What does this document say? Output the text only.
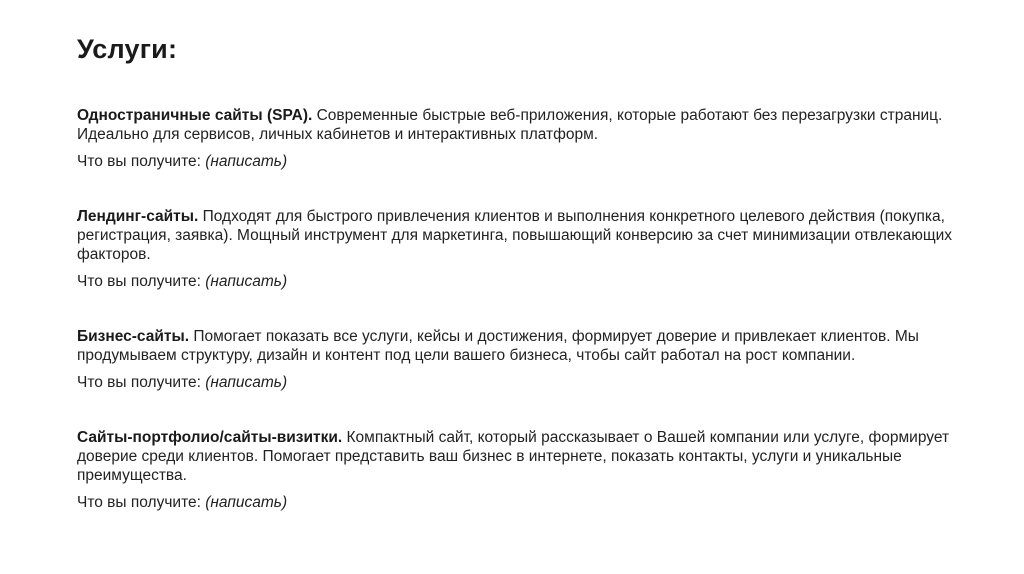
Услуги:

Одностраничные сайты (SPA). Современные быстрые веб-приложения, которые работают без перезагрузки страниц. Идеально для сервисов, личных кабинетов и интерактивных платформ.

Что вы получите: (написать)

Лендинг-сайты. Подходят для быстрого привлечения клиентов и выполнения конкретного целевого действия (покупка, регистрация, заявка). Мощный инструмент для маркетинга, повышающий конверсию за счет минимизации отвлекающих факторов.

Что вы получите: (написать)

Бизнес-сайты. Помогает показать все услуги, кейсы и достижения, формирует доверие и привлекает клиентов. Мы продумываем структуру, дизайн и контент под цели вашего бизнеса, чтобы сайт работал на рост компании.

Что вы получите: (написать)

Сайты-портфолио/сайты-визитки. Компактный сайт, который рассказывает о Вашей компании или услуге, формирует доверие среди клиентов. Помогает представить ваш бизнес в интернете, показать контакты, услуги и уникальные преимущества.

Что вы получите: (написать)
